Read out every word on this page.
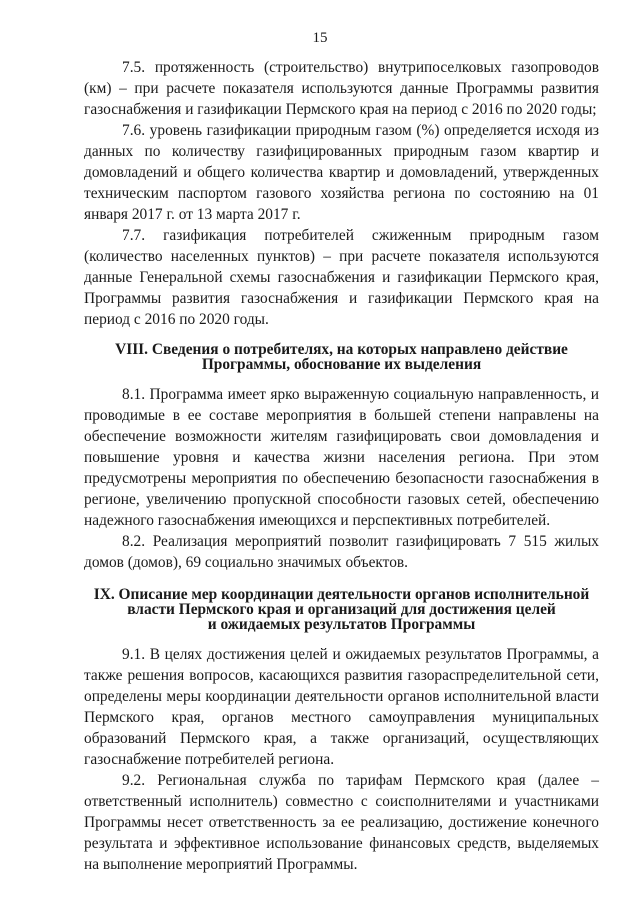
15

7.5. протяженность (строительство) внутрипоселковых газопроводов (км) – при расчете показателя используются данные Программы развития газоснабжения и газификации Пермского края на период с 2016 по 2020 годы;

7.6. уровень газификации природным газом (%) определяется исходя из данных по количеству газифицированных природным газом квартир и домовладений и общего количества квартир и домовладений, утвержденных техническим паспортом газового хозяйства региона по состоянию на 01 января 2017 г. от 13 марта 2017 г.

7.7. газификация потребителей сжиженным природным газом (количество населенных пунктов) – при расчете показателя используются данные Генеральной схемы газоснабжения и газификации Пермского края, Программы развития газоснабжения и газификации Пермского края на период с 2016 по 2020 годы.

VIII. Сведения о потребителях, на которых направлено действие
Программы, обоснование их выделения

8.1. Программа имеет ярко выраженную социальную направленность, и проводимые в ее составе мероприятия в большей степени направлены на обеспечение возможности жителям газифицировать свои домовладения и повышение уровня и качества жизни населения региона. При этом предусмотрены мероприятия по обеспечению безопасности газоснабжения в регионе, увеличению пропускной способности газовых сетей, обеспечению надежного газоснабжения имеющихся и перспективных потребителей.

8.2. Реализация мероприятий позволит газифицировать 7 515 жилых домов (домов), 69 социально значимых объектов.

IX. Описание мер координации деятельности органов исполнительной
власти Пермского края и организаций для достижения целей
и ожидаемых результатов Программы

9.1. В целях достижения целей и ожидаемых результатов Программы, а также решения вопросов, касающихся развития газораспределительной сети, определены меры координации деятельности органов исполнительной власти Пермского края, органов местного самоуправления муниципальных образований Пермского края, а также организаций, осуществляющих газоснабжение потребителей региона.

9.2. Региональная служба по тарифам Пермского края (далее – ответственный исполнитель) совместно с соисполнителями и участниками Программы несет ответственность за ее реализацию, достижение конечного результата и эффективное использование финансовых средств, выделяемых на выполнение мероприятий Программы.
